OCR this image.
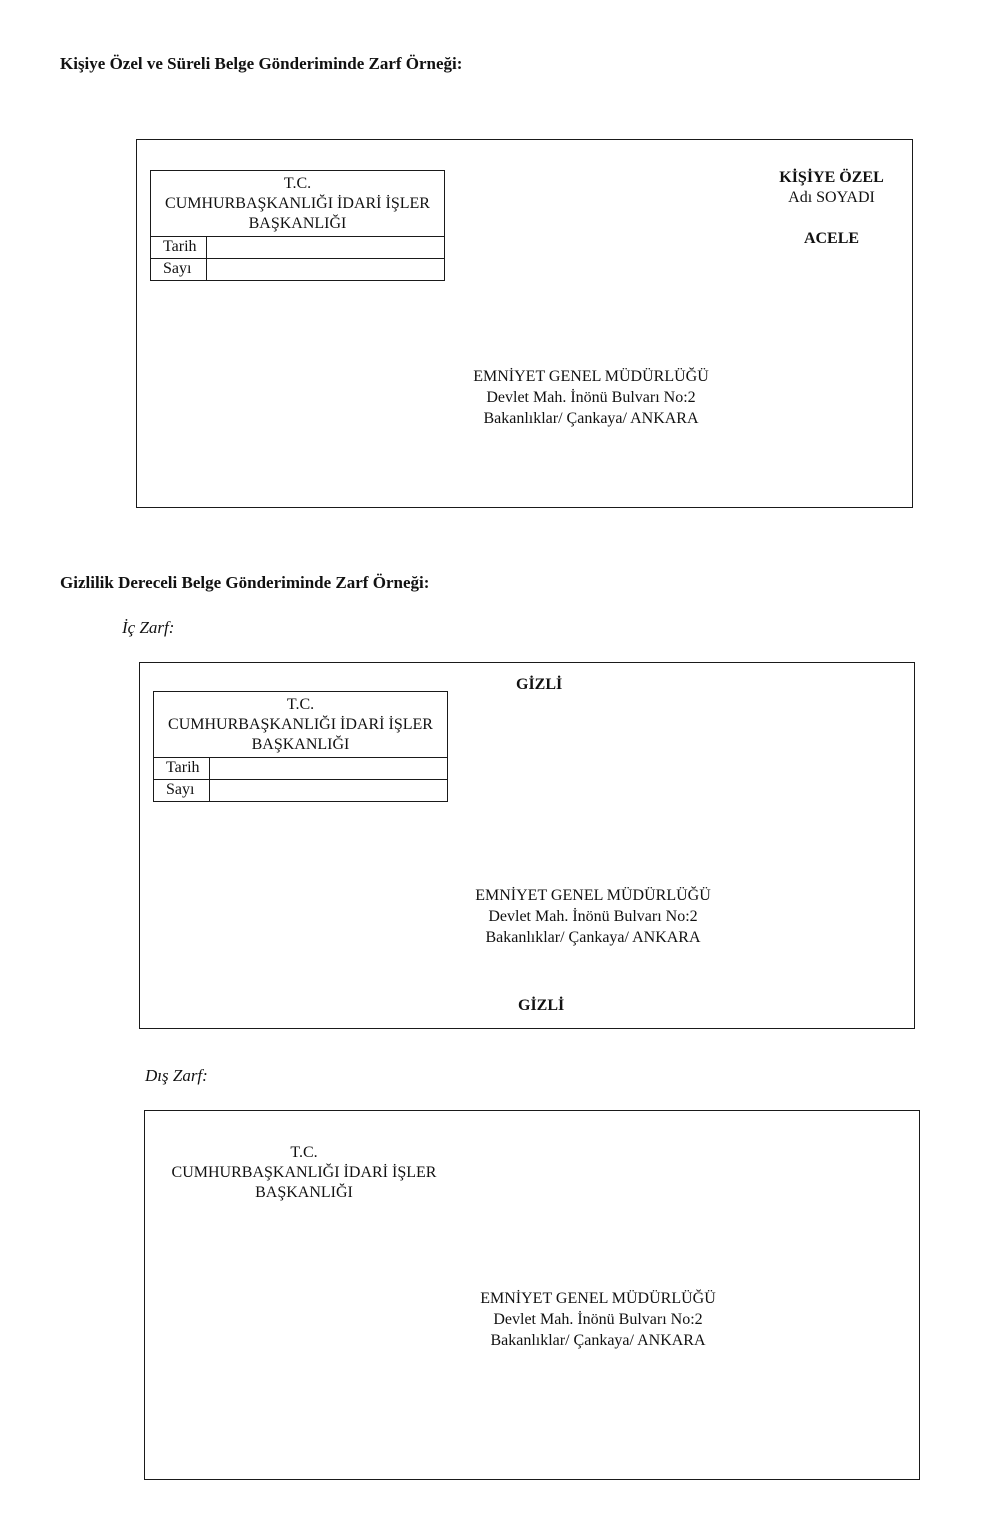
Kişiye Özel ve Süreli Belge Gönderiminde Zarf Örneği:
T.C.
CUMHURBAŞKANLIĞI İDARİ İŞLER
BAŞKANLIĞI
Tarih
Sayı
KİŞİYE ÖZEL
Adı SOYADI
ACELE
EMNİYET GENEL MÜDÜRLÜĞÜ
Devlet Mah. İnönü Bulvarı No:2
Bakanlıklar/ Çankaya/ ANKARA
Gizlilik Dereceli Belge Gönderiminde Zarf Örneği:
İç Zarf:
GİZLİ
T.C.
CUMHURBAŞKANLIĞI İDARİ İŞLER
BAŞKANLIĞI
Tarih
Sayı
EMNİYET GENEL MÜDÜRLÜĞÜ
Devlet Mah. İnönü Bulvarı No:2
Bakanlıklar/ Çankaya/ ANKARA
GİZLİ
Dış Zarf:
T.C.
CUMHURBAŞKANLIĞI İDARİ İŞLER
BAŞKANLIĞI
EMNİYET GENEL MÜDÜRLÜĞÜ
Devlet Mah. İnönü Bulvarı No:2
Bakanlıklar/ Çankaya/ ANKARA
